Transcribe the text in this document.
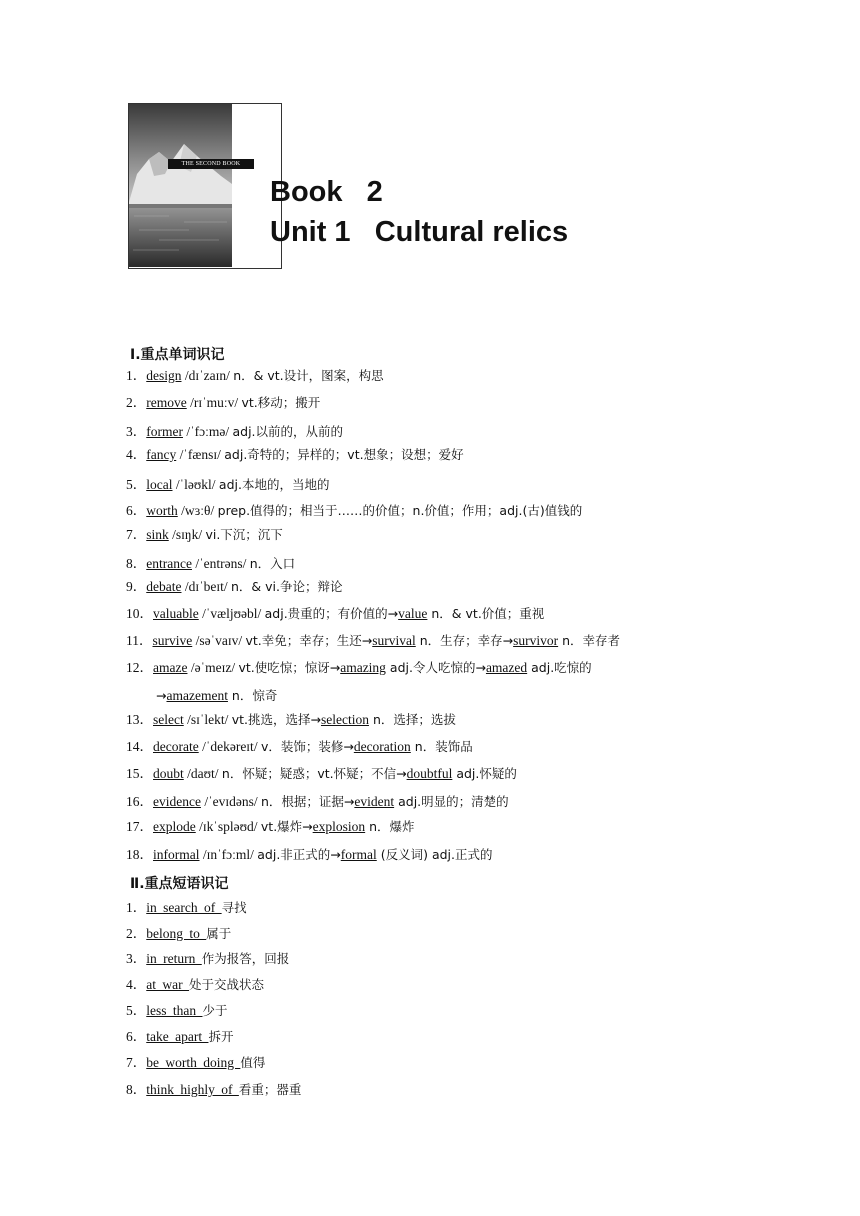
THE SECOND BOOK
Book   2
Unit 1   Cultural relics
Ⅰ.重点单词识记
1．design /dɪˈzaɪn/ n．& vt.设计，图案，构思
2．remove /rɪˈmuːv/ vt.移动；搬开
3．former /ˈfɔːmə/ adj.以前的，从前的
4．fancy /ˈfænsɪ/ adj.奇特的；异样的；vt.想象；设想；爱好
5．local /ˈləʊkl/ adj.本地的，当地的
6．worth /wɜːθ/ prep.值得的；相当于……的价值；n.价值；作用；adj.(古)值钱的
7．sink /sɪŋk/ vi.下沉；沉下
8．entrance /ˈentrəns/ n．入口
9．debate /dɪˈbeɪt/ n．& vi.争论；辩论
10．valuable /ˈvæljʊəbl/ adj.贵重的；有价值的→value n．& vt.价值；重视
11．survive /səˈvaɪv/ vt.幸免；幸存；生还→survival n．生存；幸存→survivor n．幸存者
12．amaze /əˈmeɪz/ vt.使吃惊；惊讶→amazing adj.令人吃惊的→amazed adj.吃惊的
→amazement n．惊奇
13．select /sɪˈlekt/ vt.挑选，选择→selection n．选择；选拔
14．decorate /ˈdekəreɪt/ v．装饰；装修→decoration n．装饰品
15．doubt /daʊt/ n．怀疑；疑惑；vt.怀疑；不信→doubtful adj.怀疑的
16．evidence /ˈevɪdəns/ n．根据；证据→evident adj.明显的；清楚的
17．explode /ɪkˈspləʊd/ vt.爆炸→explosion n．爆炸
18．informal /ɪnˈfɔːml/ adj.非正式的→formal (反义词) adj.正式的
Ⅱ.重点短语识记
1．in search of 寻找
2．belong to 属于
3．in return 作为报答，回报
4．at war 处于交战状态
5．less than 少于
6．take apart 拆开
7．be worth doing 值得
8．think highly of 看重；器重
